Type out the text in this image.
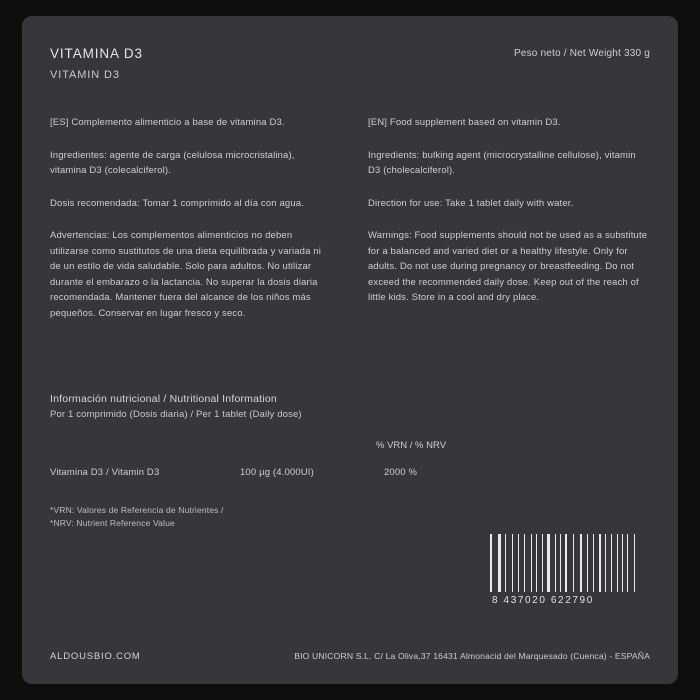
VITAMINA D3
VITAMIN D3
Peso neto / Net Weight 330 g

[ES] Complemento alimenticio a base de vitamina D3.

Ingredientes: agente de carga (celulosa microcristalina), vitamina D3 (colecalciferol).

Dosis recomendada: Tomar 1 comprimido al día con agua.

Advertencias: Los complementos alimenticios no deben utilizarse como sustitutos de una dieta equilibrada y variada ni de un estilo de vida saludable. Solo para adultos. No utilizar durante el embarazo o la lactancia. No superar la dosis diaria recomendada. Mantener fuera del alcance de los niños más pequeños. Conservar en lugar fresco y seco.

[EN] Food supplement based on vitamin D3.

Ingredients: bulking agent (microcrystalline cellulose), vitamin D3 (cholecalciferol).

Direction for use: Take 1 tablet daily with water.

Warnings: Food supplements should not be used as a substitute for a balanced and varied diet or a healthy lifestyle. Only for adults. Do not use during pregnancy or breastfeeding. Do not exceed the recommended daily dose. Keep out of the reach of little kids. Store in a cool and dry place.

Información nutricional / Nutritional Information

Por 1 comprimido (Dosis diaria) / Per 1 tablet (Daily dose)

		% VRN / % NRV
Vitamina D3 / Vitamin D3	100 µg (4.000UI)	2000 %
*VRN: Valores de Referencia de Nutrientes /
*NRV: Nutrient Reference Value
8 437020 622790
ALDOUSBIO.COM	BIO UNICORN S.L. C/ La Oliva,37 16431 Almonacid del Marquesado (Cuenca) - ESPAÑA
